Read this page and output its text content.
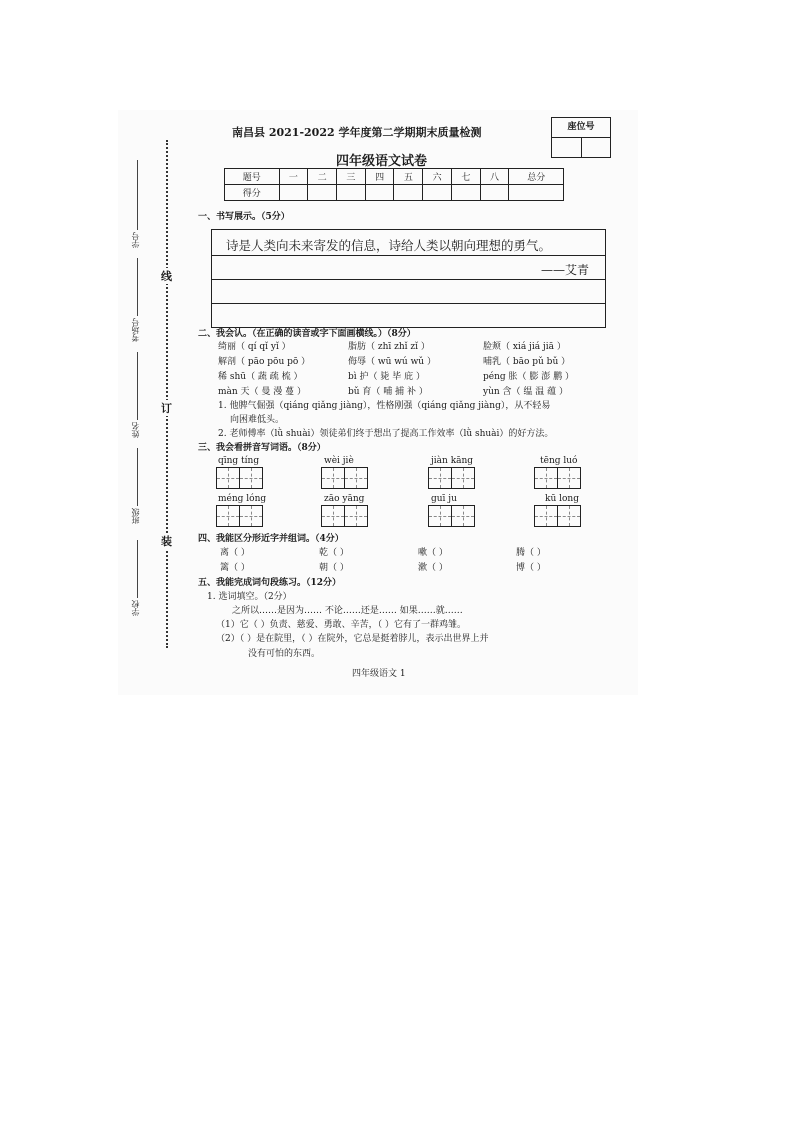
学号
考场号
姓名
班级
学校
线
订
装
南昌县 2021-2022 学年度第二学期期末质量检测	座位号
四年级语文试卷
题号	一	二	三	四	五	六	七	八	总分
得分									
一、书写展示。（5分）
诗是人类向未来寄发的信息，诗给人类以朝向理想的勇气。
——艾青
二、我会认。（在正确的读音或字下面画横线。）（8分）
绮丽（ qí qǐ yǐ ）	脂肪（ zhī zhǐ zǐ ）	脸颊（ xiá jiá jiā ）
解剖（ pāo pōu pō ）	侮辱（ wū wú wǔ ）	哺乳（ bāo pǔ bǔ ）
稀 shū（ 蔬 疏 梳 ）	bì 护（ 毙 毕 庇 ）	péng 胀（ 膨 澎 鹏 ）
màn 天（ 曼 漫 蔓 ）	bǔ 育（ 哺 捕 补 ）	yùn 含（ 缊 温 蕴 ）
1. 他脾气倔强（qiáng qiǎng jiàng），性格刚强（qiáng qiǎng jiàng），从不轻易
向困难低头。
2. 老师傅率（lǜ shuài）领徒弟们终于想出了提高工作效率（lǜ shuài）的好方法。
三、我会看拼音写词语。（8分）
qīng tíng	wèi jiè	jiàn kāng	tēng luó
méng lóng	zāo yāng	guī ju	kū long
四、我能区分形近字并组词。（4分）
离（ ）	乾（ ）	嗽（ ）	腾（ ）
篱（ ）	朝（ ）	漱（ ）	博（ ）
五、我能完成词句段练习。（12分）
1. 选词填空。（2分）
之所以……是因为…… 不论……还是…… 如果……就……
（1）它（ ）负责、慈爱、勇敢、辛苦，（ ）它有了一群鸡雏。
（2）（ ）是在院里，（ ）在院外，它总是挺着脖儿，表示出世界上并
没有可怕的东西。
四年级语文 1
